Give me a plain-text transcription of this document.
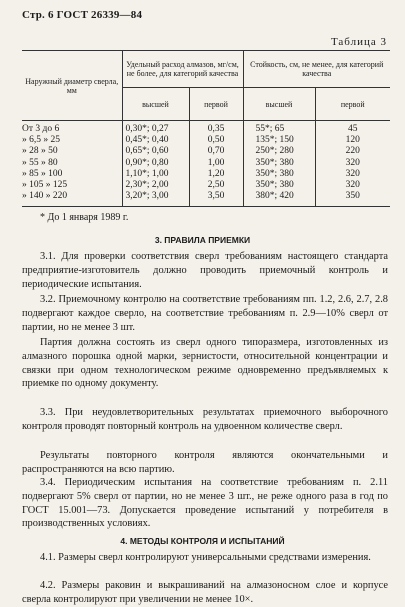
Стр. 6 ГОСТ 26339—84
Таблица 3
Наружный диаметр сверла, мм	Удельный расход алмазов, мг/см, не более, для категорий качества		Стойкость, см, не менее, для категорий качества	
	высшей	первой	высшей	первой
От 3 до 6	0,30*; 0,27	0,35	55*; 65	45
» 6,5 » 25	0,45*; 0,40	0,50	135*; 150	120
» 28 » 50	0,65*; 0,60	0,70	250*; 280	220
» 55 » 80	0,90*; 0,80	1,00	350*; 380	320
» 85 » 100	1,10*; 1,00	1,20	350*; 380	320
» 105 » 125	2,30*; 2,00	2,50	350*; 380	320
» 140 » 220	3,20*; 3,00	3,50	380*; 420	350
* До 1 января 1989 г.
3. ПРАВИЛА ПРИЕМКИ

3.1. Для проверки соответствия сверл требованиям настоящего стандарта предприятие-изготовитель должно проводить приемочный контроль и периодические испытания.

3.2. Приемочному контролю на соответствие требованиям пп. 1.2, 2.6, 2.7, 2.8 подвергают каждое сверло, на соответствие требованиям п. 2.9—10% сверл от партии, но не менее 3 шт.

Партия должна состоять из сверл одного типоразмера, изготовленных из алмазного порошка одной марки, зернистости, относительной концентрации и связки при одном технологическом режиме одновременно предъявляемых к приемке по одному документу.

3.3. При неудовлетворительных результатах приемочного выборочного контроля проводят повторный контроль на удвоенном количестве сверл.

Результаты повторного контроля являются окончательными и распространяются на всю партию.

3.4. Периодическим испытания на соответствие требованиям п. 2.11 подвергают 5% сверл от партии, но не менее 3 шт., не реже одного раза в год по ГОСТ 15.001—73. Допускается проведение испытаний у потребителя в производственных условиях.

4. МЕТОДЫ КОНТРОЛЯ И ИСПЫТАНИЙ

4.1. Размеры сверл контролируют универсальными средствами измерения.

4.2. Размеры раковин и выкрашиваний на алмазоносном слое и корпусе сверла контролируют при увеличении не менее 10×.
